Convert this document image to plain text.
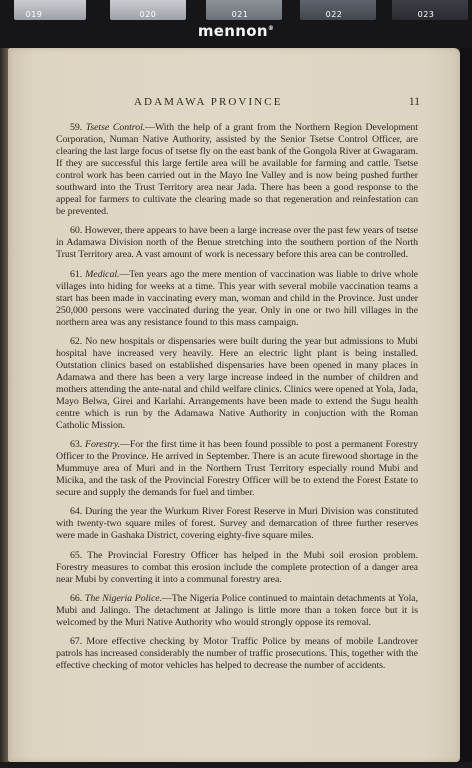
019	020	021	022	023
mennon®
ADAMAWA PROVINCE	11

59. Tsetse Control.—With the help of a grant from the Northern Region Development Corporation, Numan Native Authority, assisted by the Senior Tsetse Control Officer, are clearing the last large focus of tsetse fly on the east bank of the Gongola River at Gwagaram. If they are successful this large fertile area will be available for farming and cattle. Tsetse control work has been carried out in the Mayo Ine Valley and is now being pushed further southward into the Trust Territory area near Jada. There has been a good response to the appeal for farmers to cultivate the clearing made so that regeneration and reinfestation can be prevented.

60. However, there appears to have been a large increase over the past few years of tsetse in Adamawa Division north of the Benue stretching into the southern portion of the North Trust Territory area. A vast amount of work is necessary before this area can be controlled.

61. Medical.—Ten years ago the mere mention of vaccination was liable to drive whole villages into hiding for weeks at a time. This year with several mobile vaccination teams a start has been made in vaccinating every man, woman and child in the Province. Just under 250,000 persons were vaccinated during the year. Only in one or two hill villages in the northern area was any resistance found to this mass campaign.

62. No new hospitals or dispensaries were built during the year but admissions to Mubi hospital have increased very heavily. Here an electric light plant is being installed. Outstation clinics based on established dispensaries have been opened in many places in Adamawa and there has been a very large increase indeed in the number of children and mothers attending the ante-natal and child welfare clinics. Clinics were opened at Yola, Jada, Mayo Belwa, Girei and Karlahi. Arrangements have been made to extend the Sugu health centre which is run by the Adamawa Native Authority in conjuction with the Roman Catholic Mission.

63. Forestry.—For the first time it has been found possible to post a permanent Forestry Officer to the Province. He arrived in September. There is an acute firewood shortage in the Mummuye area of Muri and in the Northern Trust Territory especially round Mubi and Micika, and the task of the Provincial Forestry Officer will be to extend the Forest Estate to secure and supply the demands for fuel and timber.

64. During the year the Wurkum River Forest Reserve in Muri Division was constituted with twenty-two square miles of forest. Survey and demarcation of three further reserves were made in Gashaka District, covering eighty-five square miles.

65. The Provincial Forestry Officer has helped in the Mubi soil erosion problem. Forestry measures to combat this erosion include the complete protection of a danger area near Mubi by converting it into a communal forestry area.

66. The Nigeria Police.—The Nigeria Police continued to maintain detachments at Yola, Mubi and Jalingo. The detachment at Jalingo is little more than a token force but it is welcomed by the Muri Native Authority who would strongly oppose its removal.

67. More effective checking by Motor Traffic Police by means of mobile Landrover patrols has increased considerably the number of traffic prosecutions. This, together with the effective checking of motor vehicles has helped to decrease the number of accidents.
